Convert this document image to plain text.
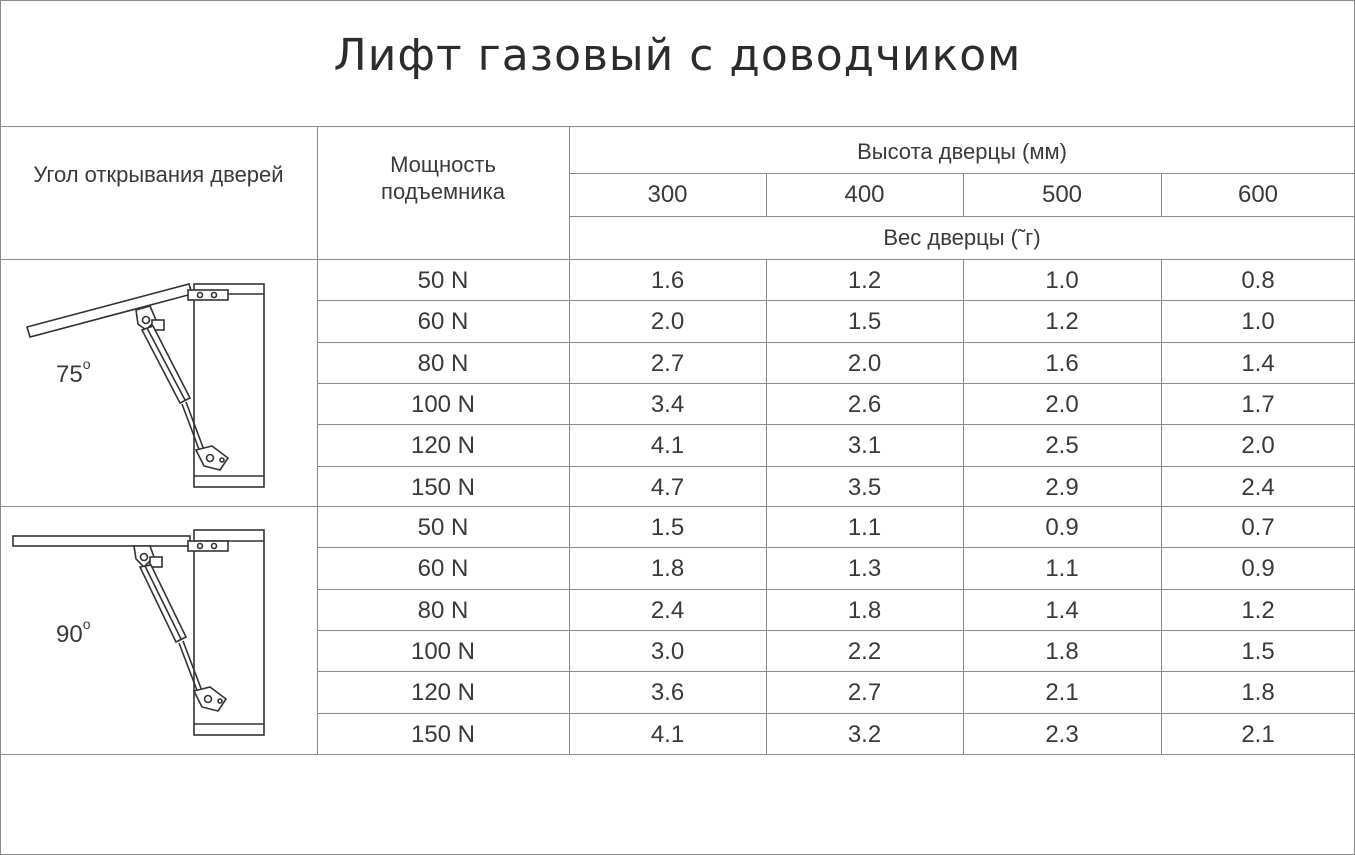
Лифт газовый с доводчиком
Угол открывания дверей	Мощность
подъемника
Высота дверцы (мм)
300	400	500	600
Вес дверцы (˜г)
75$^o$
90$^o$
50 N	1.6	1.2	1.0	0.8
60 N	2.0	1.5	1.2	1.0
80 N	2.7	2.0	1.6	1.4
100 N	3.4	2.6	2.0	1.7
120 N	4.1	3.1	2.5	2.0
150 N	4.7	3.5	2.9	2.4
50 N	1.5	1.1	0.9	0.7
60 N	1.8	1.3	1.1	0.9
80 N	2.4	1.8	1.4	1.2
100 N	3.0	2.2	1.8	1.5
120 N	3.6	2.7	2.1	1.8
150 N	4.1	3.2	2.3	2.1
